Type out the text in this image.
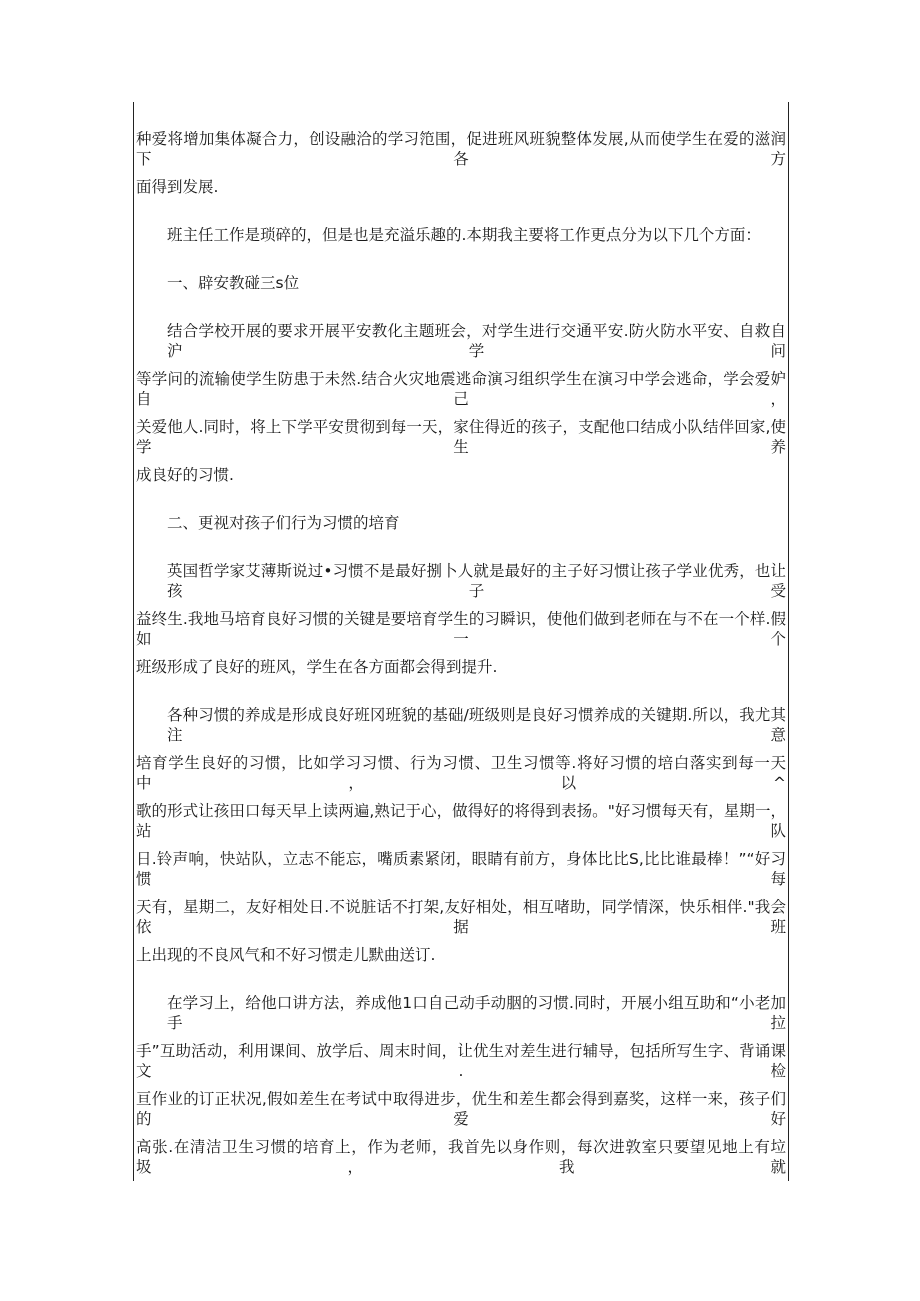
种爱将增加集体凝合力，创设融洽的学习笵围，促进班风班貌整体发展,从而使学生在爱的滋润下各方
面得到发展.
班主任工作是琐碎的，但是也是充溢乐趣的.本期我主要将工作更点分为以下几个方面：
一、辟安教碰三s位
结合学校开展的要求开展平安教化主题班会，对学生进行交通平安.防火防水平安、自救自沪学问
等学问的流输使学生防患于未然.结合火灾地震逃命演习组织学生在演习中学会逃命，学会爱妒自己，
关爱他人.同时，将上下学平安贯彻到每一天，家住得近的孩子，支配他口结成小队结伴回家,使学生养
成良好的习惯.
二、更视对孩子们行为习惯的培育
英国哲学家艾薄斯说过•习惯不是最好捌卜人就是最好的主子好习惯让孩子学业优秀，也让孩子受
益终生.我地马培育良好习惯的关键是要培育学生的习瞬识，使他们做到老师在与不在一个样.假如一个
班级形成了良好的班风，学生在各方面都会得到提升.
各种习惯的养成是形成良好班冈班貌的基础/班级则是良好习惯养成的关键期.所以，我尤其注意
培育学生良好的习惯，比如学习习惯、行为习惯、卫生习惯等.将好习惯的培白落实到每一天中，以^
歌的形式让孩田口每天早上读两遍,熟记于心，做得好的将得到表扬。"好习惯每天有，星期一，站队
日.铃声响，快站队，立志不能忘，嘴质素紧闭，眼睛有前方，身体比比S,比比谁最棒！”“好习惯每
天有，星期二，友好相处日.不说脏话不打架,友好相处，相互啫助，同学情深，快乐相伴."我会依据班
上出现的不良风气和不好习惯走儿默曲送订.
在学习上，给他口讲方法，养成他1口自己动手动胭的习惯.同时，开展小组互助和“小老加手拉
手”互助活动，利用课间、放学后、周末时间，让优生对差生进行辅导，包括所写生字、背诵课文.检
亘作业的订正状况,假如差生在考试中取得进步，优生和差生都会得到嘉奖，这样一来，孩子们的爱好
高张.在清洁卫生习惯的培育上，作为老师，我首先以身作则，每次进敦室只要望见地上有垃圾，我就
